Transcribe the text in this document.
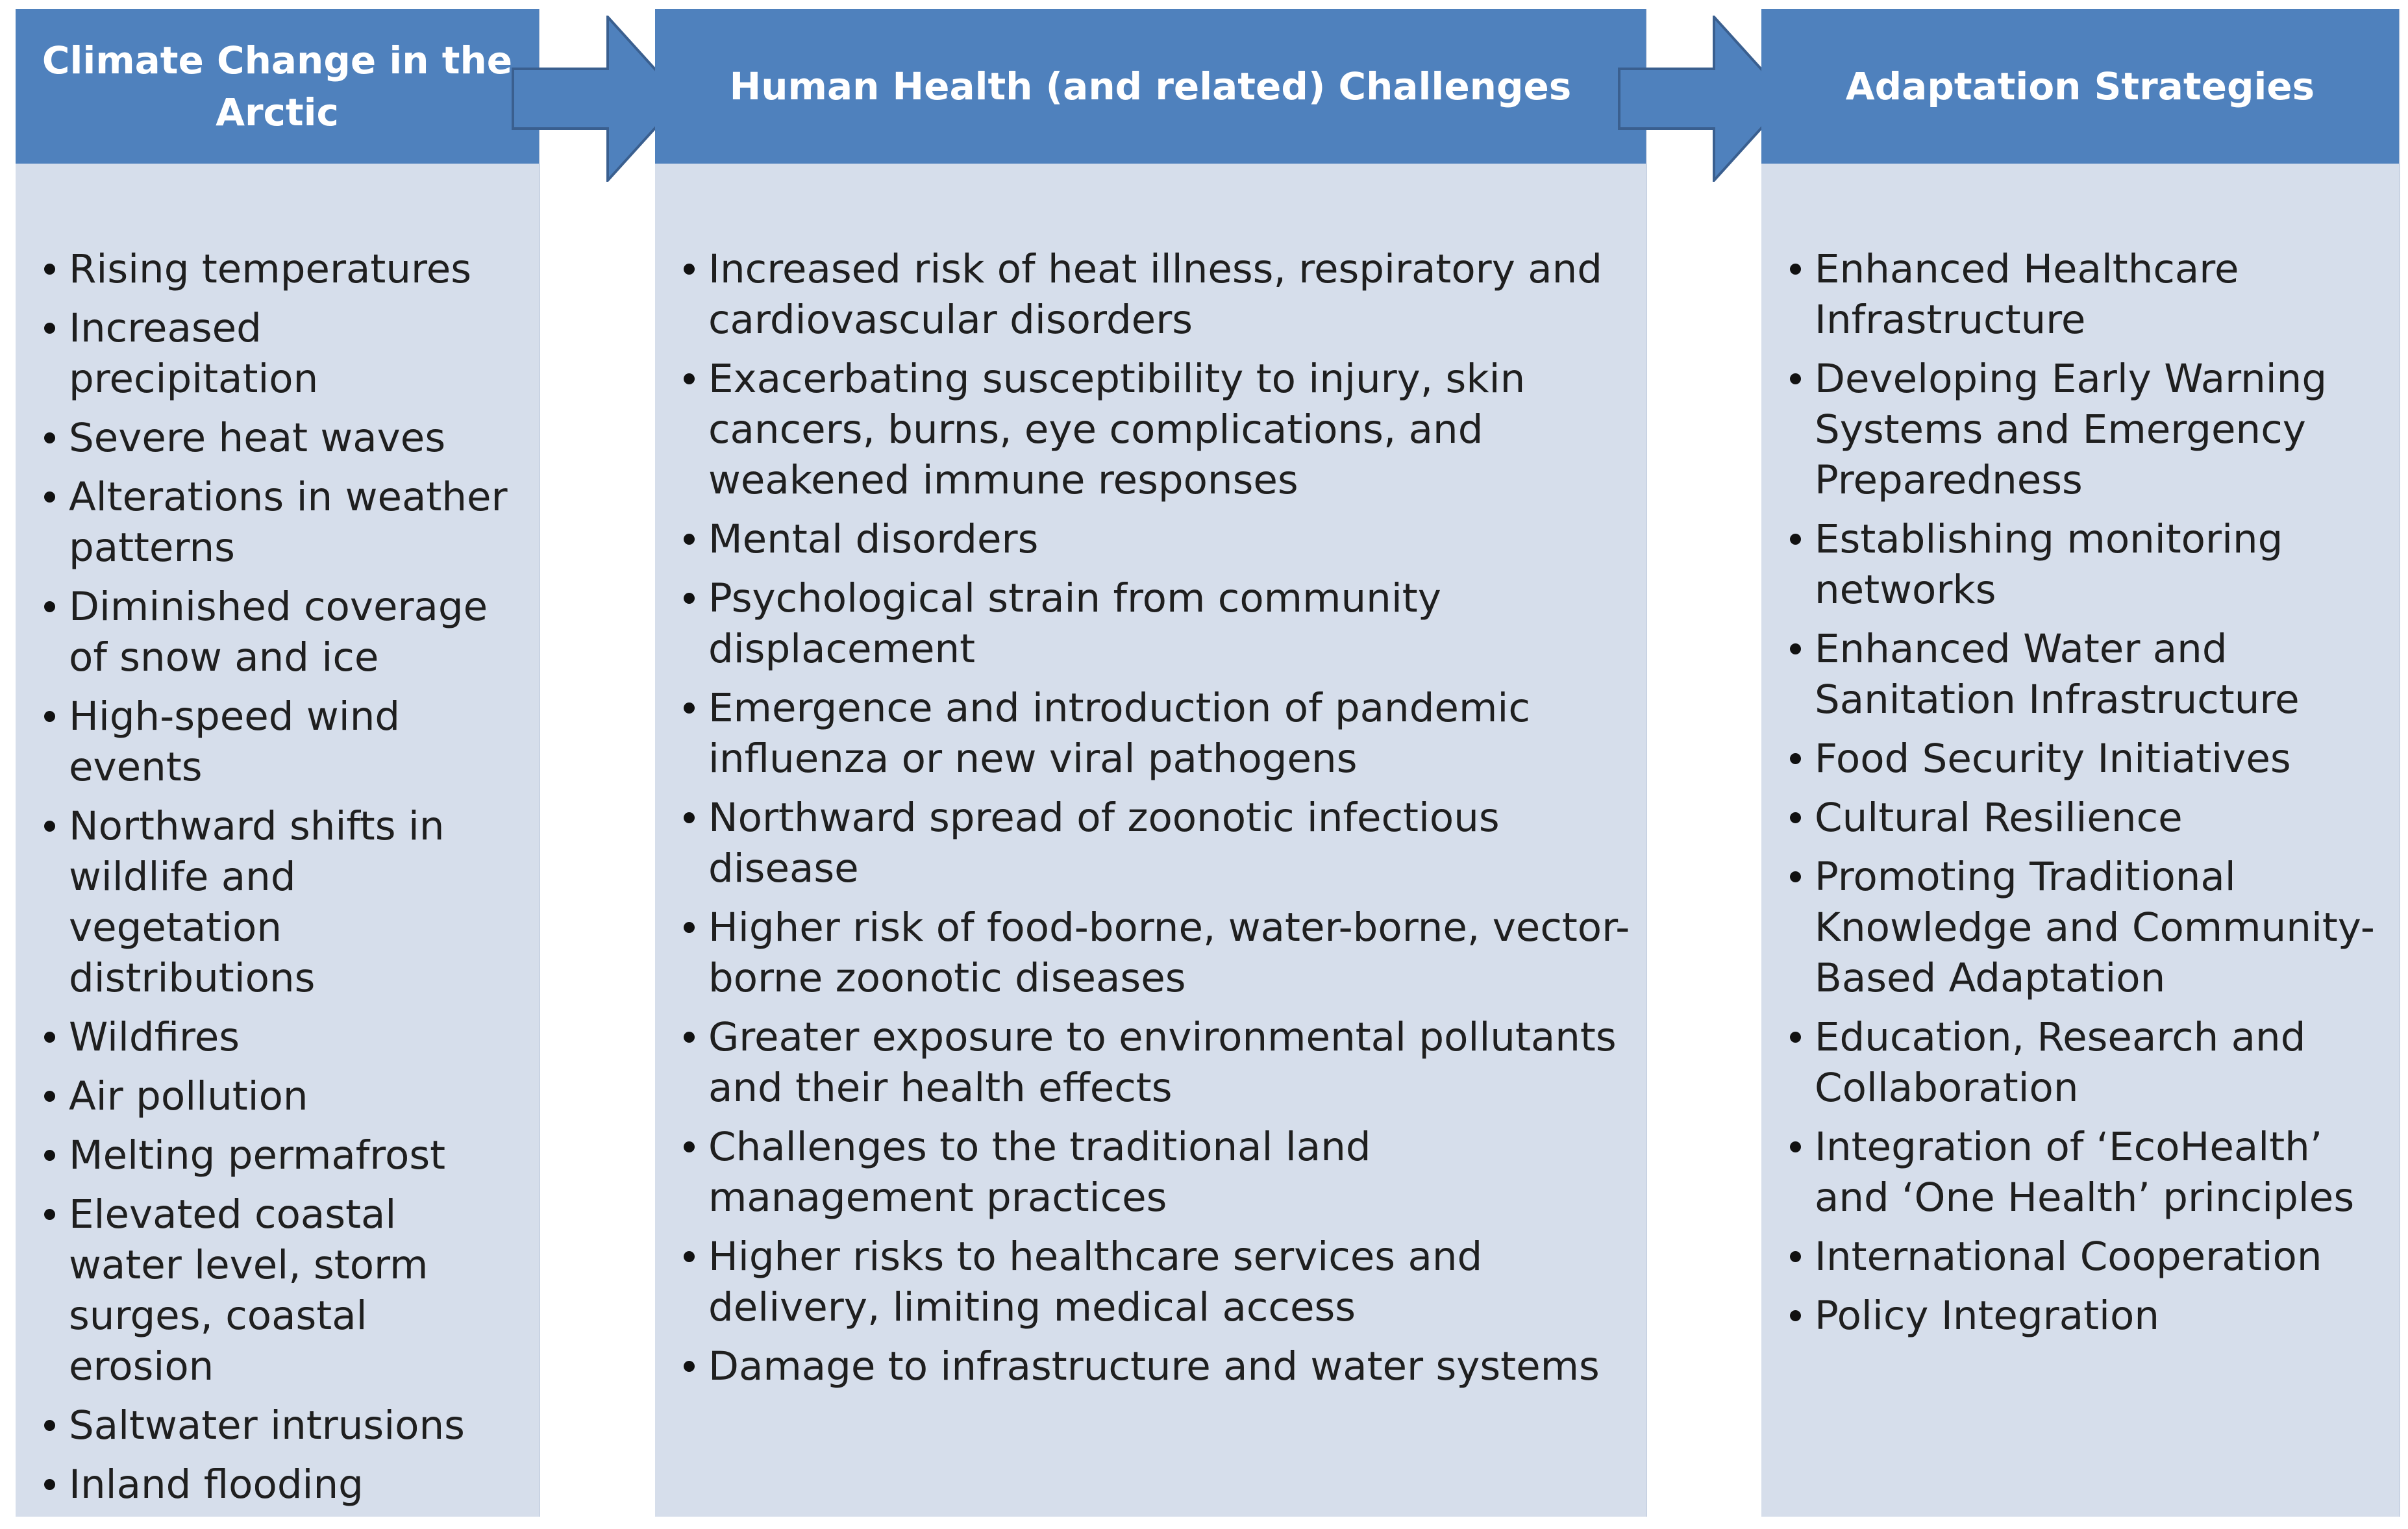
Climate Change in the Arctic
Rising temperatures
Increased precipitation
Severe heat waves
Alterations in weather patterns
Diminished coverage of snow and ice
High-speed wind events
Northward shifts in wildlife and vegetation distributions
Wildfires
Air pollution
Melting permafrost
Elevated coastal water level, storm surges, coastal erosion
Saltwater intrusions
Inland flooding
Human Health (and related) Challenges
Increased risk of heat illness, respiratory and cardiovascular disorders
Exacerbating susceptibility to injury, skin cancers, burns, eye complications, and weakened immune responses
Mental disorders
Psychological strain from community displacement
Emergence and introduction of pandemic influenza or new viral pathogens
Northward spread of zoonotic infectious disease
Higher risk of food-borne, water-borne, vector-borne zoonotic diseases
Greater exposure to environmental pollutants and their health effects
Challenges to the traditional land management practices
Higher risks to healthcare services and delivery, limiting medical access
Damage to infrastructure and water systems
Adaptation Strategies
Enhanced Healthcare Infrastructure
Developing Early Warning Systems and Emergency Preparedness
Establishing monitoring networks
Enhanced Water and Sanitation Infrastructure
Food Security Initiatives
Cultural Resilience
Promoting Traditional Knowledge and Community-Based Adaptation
Education, Research and Collaboration
Integration of ‘EcoHealth’ and ‘One Health’ principles
International Cooperation
Policy Integration
